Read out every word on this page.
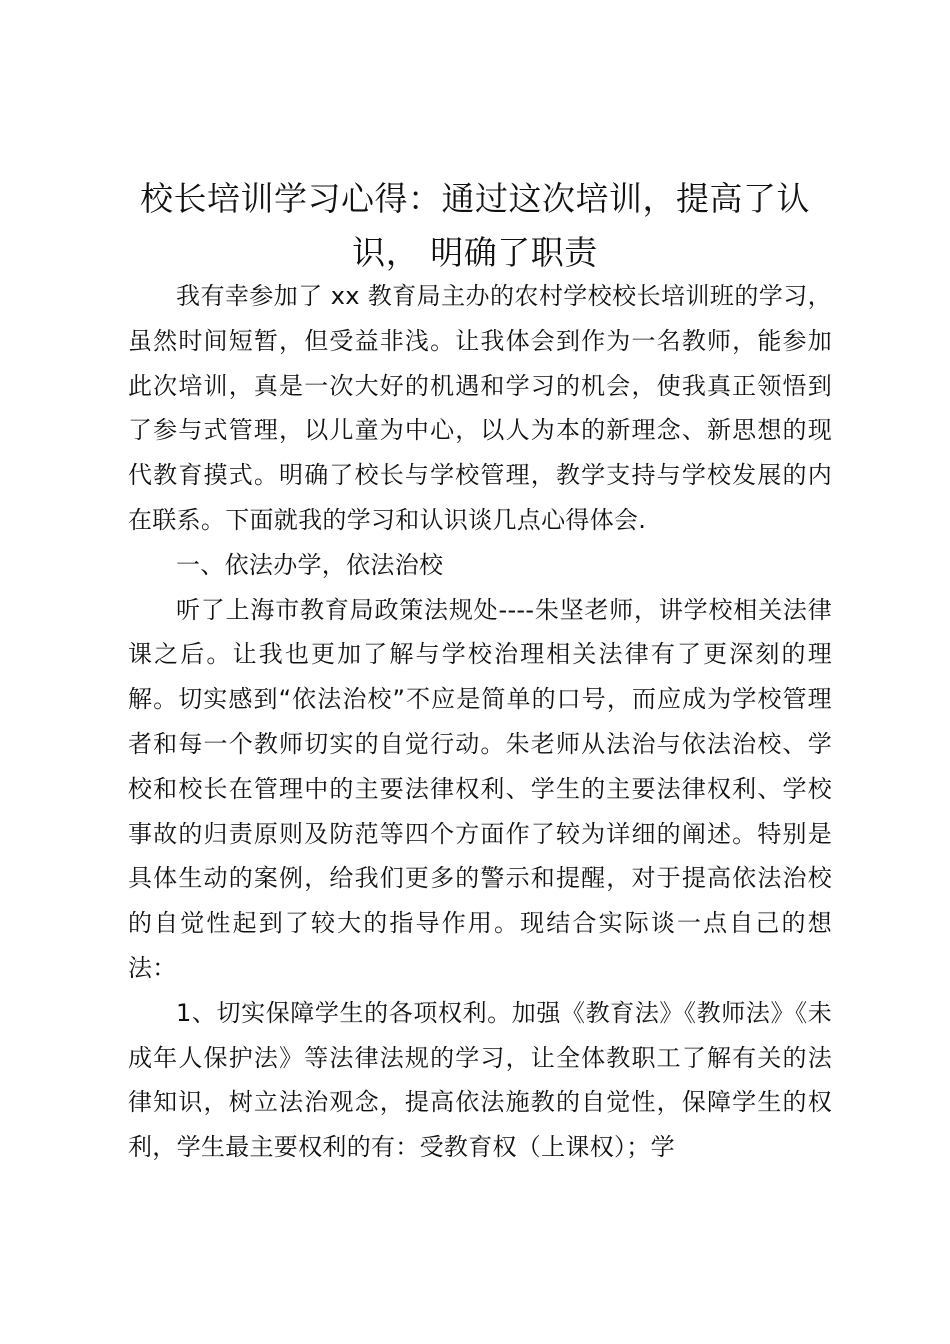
校长培训学习心得：通过这次培训，提高了认识， 明确了职责

我有幸参加了 xx 教育局主办的农村学校校长培训班的学习，虽然时间短暂，但受益非浅。让我体会到作为一名教师，能参加此次培训，真是一次大好的机遇和学习的机会，使我真正领悟到了参与式管理，以儿童为中心，以人为本的新理念、新思想的现代教育摸式。明确了校长与学校管理，教学支持与学校发展的内在联系。下面就我的学习和认识谈几点心得体会.

一、依法办学，依法治校

听了上海市教育局政策法规处----朱坚老师，讲学校相关法律课之后。让我也更加了解与学校治理相关法律有了更深刻的理解。切实感到“依法治校”不应是简单的口号，而应成为学校管理者和每一个教师切实的自觉行动。朱老师从法治与依法治校、学校和校长在管理中的主要法律权利、学生的主要法律权利、学校事故的归责原则及防范等四个方面作了较为详细的阐述。特别是具体生动的案例，给我们更多的警示和提醒，对于提高依法治校的自觉性起到了较大的指导作用。现结合实际谈一点自己的想法：

1、切实保障学生的各项权利。加强《教育法》《教师法》《未成年人保护法》等法律法规的学习，让全体教职工了解有关的法律知识，树立法治观念，提高依法施教的自觉性，保障学生的权利，学生最主要权利的有：受教育权（上课权）；学
